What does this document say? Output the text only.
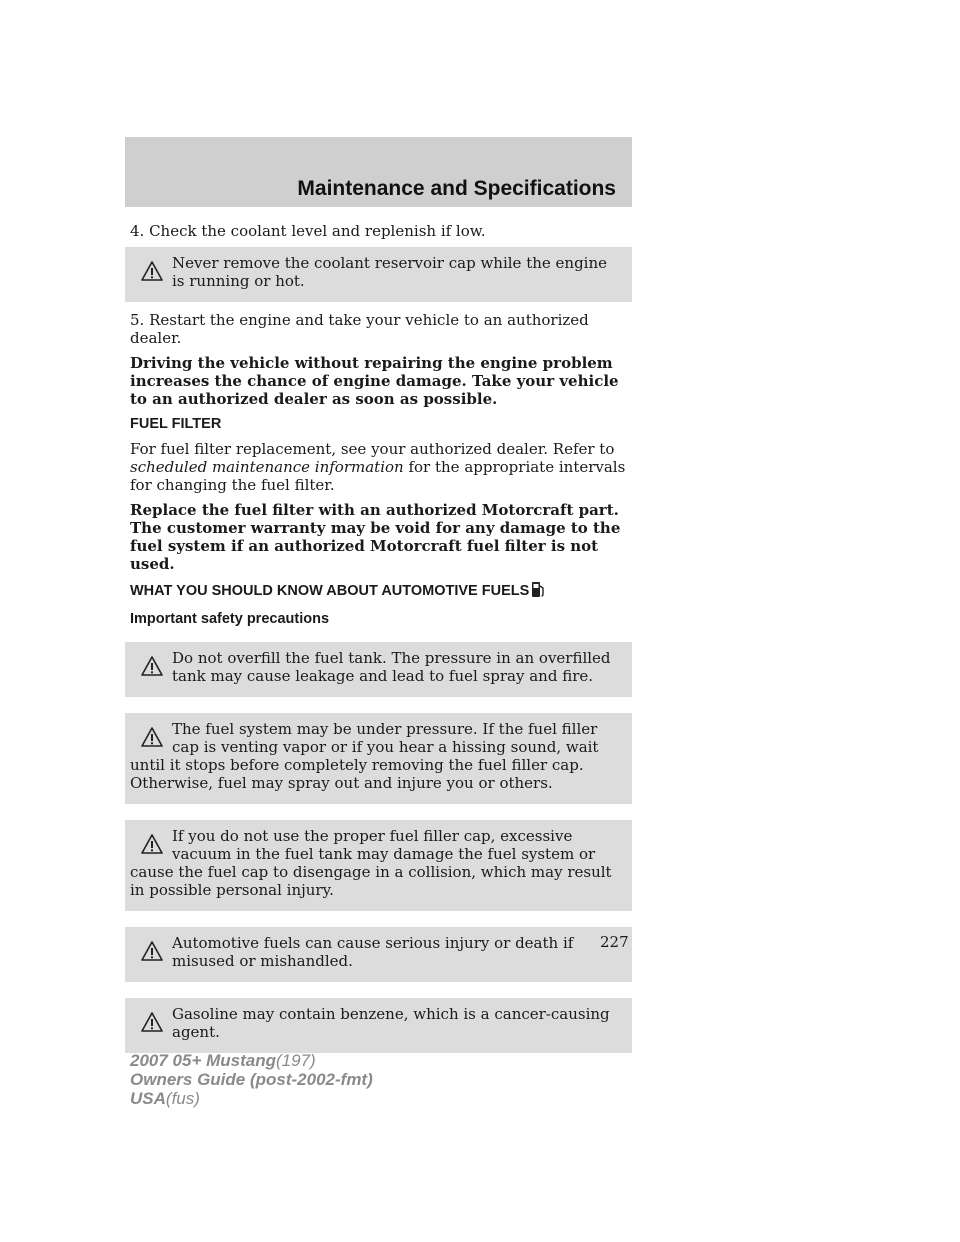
Maintenance and Specifications

4. Check the coolant level and replenish if low.

Never remove the coolant reservoir cap while the engine is running or hot.

5. Restart the engine and take your vehicle to an authorized dealer.

Driving the vehicle without repairing the engine problem increases the chance of engine damage. Take your vehicle to an authorized dealer as soon as possible.

FUEL FILTER

For fuel filter replacement, see your authorized dealer. Refer to
scheduled maintenance information for the appropriate intervals for changing the fuel filter.

Replace the fuel filter with an authorized Motorcraft part. The customer warranty may be void for any damage to the fuel system if an authorized Motorcraft fuel filter is not used.

WHAT YOU SHOULD KNOW ABOUT AUTOMOTIVE FUELS
Important safety precautions
Do not overfill the fuel tank. The pressure in an overfilled tank may cause leakage and lead to fuel spray and fire.
The fuel system may be under pressure. If the fuel filler cap is venting vapor or if you hear a hissing sound, wait until it stops before completely removing the fuel filler cap. Otherwise, fuel may spray out and injure you or others.
If you do not use the proper fuel filler cap, excessive vacuum in the fuel tank may damage the fuel system or cause the fuel cap to disengage in a collision, which may result in possible personal injury.
Automotive fuels can cause serious injury or death if misused or mishandled.
Gasoline may contain benzene, which is a cancer-causing agent.
227
2007 05+ Mustang(197)
Owners Guide (post-2002-fmt)
USA(fus)
